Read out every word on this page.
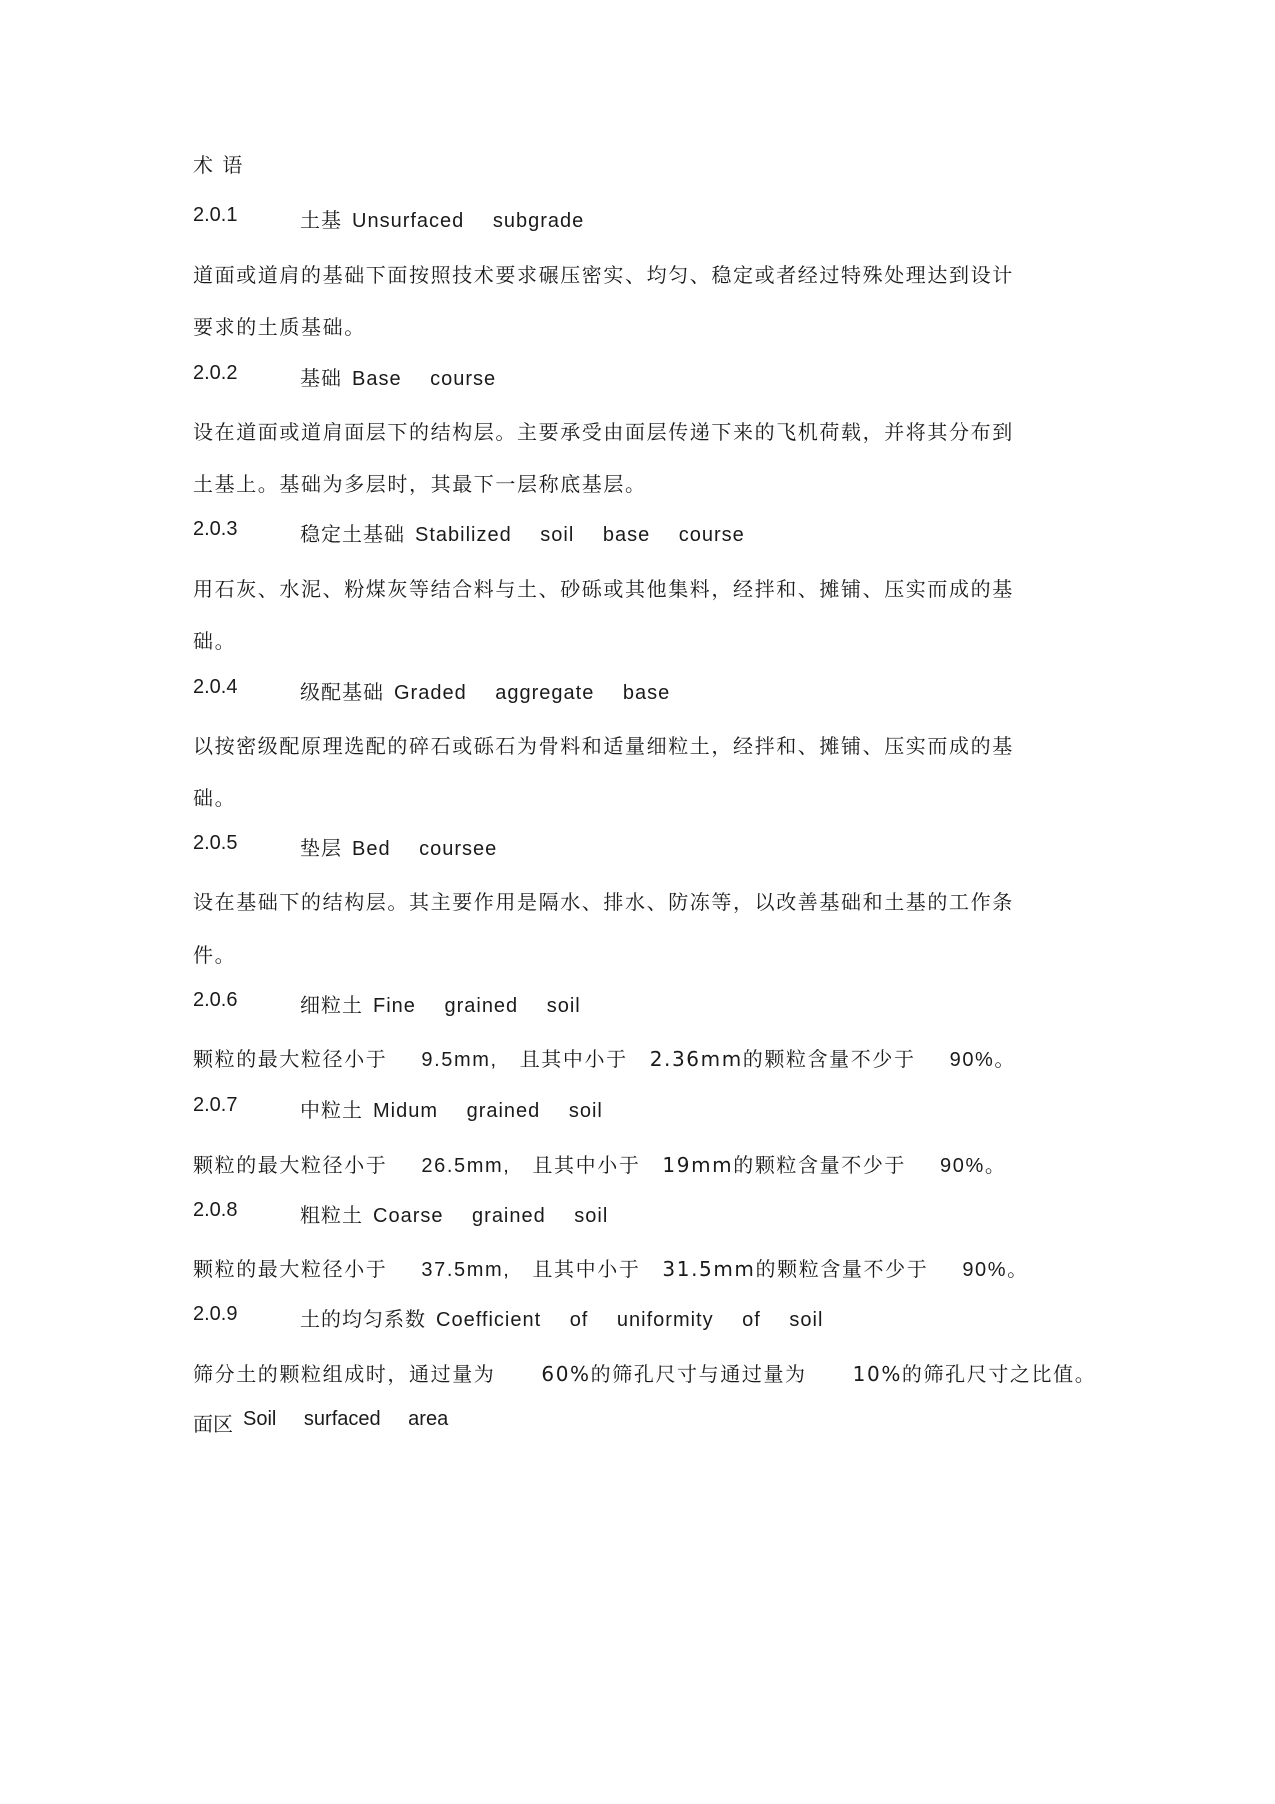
术 语
2.0.1	土基 Unsurfaced subgrade
道面或道肩的基础下面按照技术要求碾压密实、均匀、稳定或者经过特殊处理达到设计
要求的土质基础。
2.0.2	基础 Base course
设在道面或道肩面层下的结构层。主要承受由面层传递下来的飞机荷载，并将其分布到
土基上。基础为多层时，其最下一层称底基层。
2.0.3	稳定土基础 Stabilized soil base course
用石灰、水泥、粉煤灰等结合料与土、砂砾或其他集料，经拌和、摊铺、压实而成的基
础。
2.0.4	级配基础 Graded aggregate base
以按密级配原理选配的碎石或砾石为骨料和适量细粒土，经拌和、摊铺、压实而成的基
础。
2.0.5	垫层 Bed coursee
设在基础下的结构层。其主要作用是隔水、排水、防冻等，以改善基础和土基的工作条
件。
2.0.6	细粒土 Fine grained soil
颗粒的最大粒径小于 9.5mm, 且其中小于 2.36mm的颗粒含量不少于 90%。
2.0.7	中粒土 Midum grained soil
颗粒的最大粒径小于 26.5mm, 且其中小于 19mm的颗粒含量不少于 90%。
2.0.8	粗粒土 Coarse grained soil
颗粒的最大粒径小于 37.5mm, 且其中小于 31.5mm的颗粒含量不少于 90%。
2.0.9	土的均匀系数 Coefficient of uniformity of soil
筛分土的颗粒组成时，通过量为 60%的筛孔尺寸与通过量为 10%的筛孔尺寸之比值。
面区 Soil surfaced area
